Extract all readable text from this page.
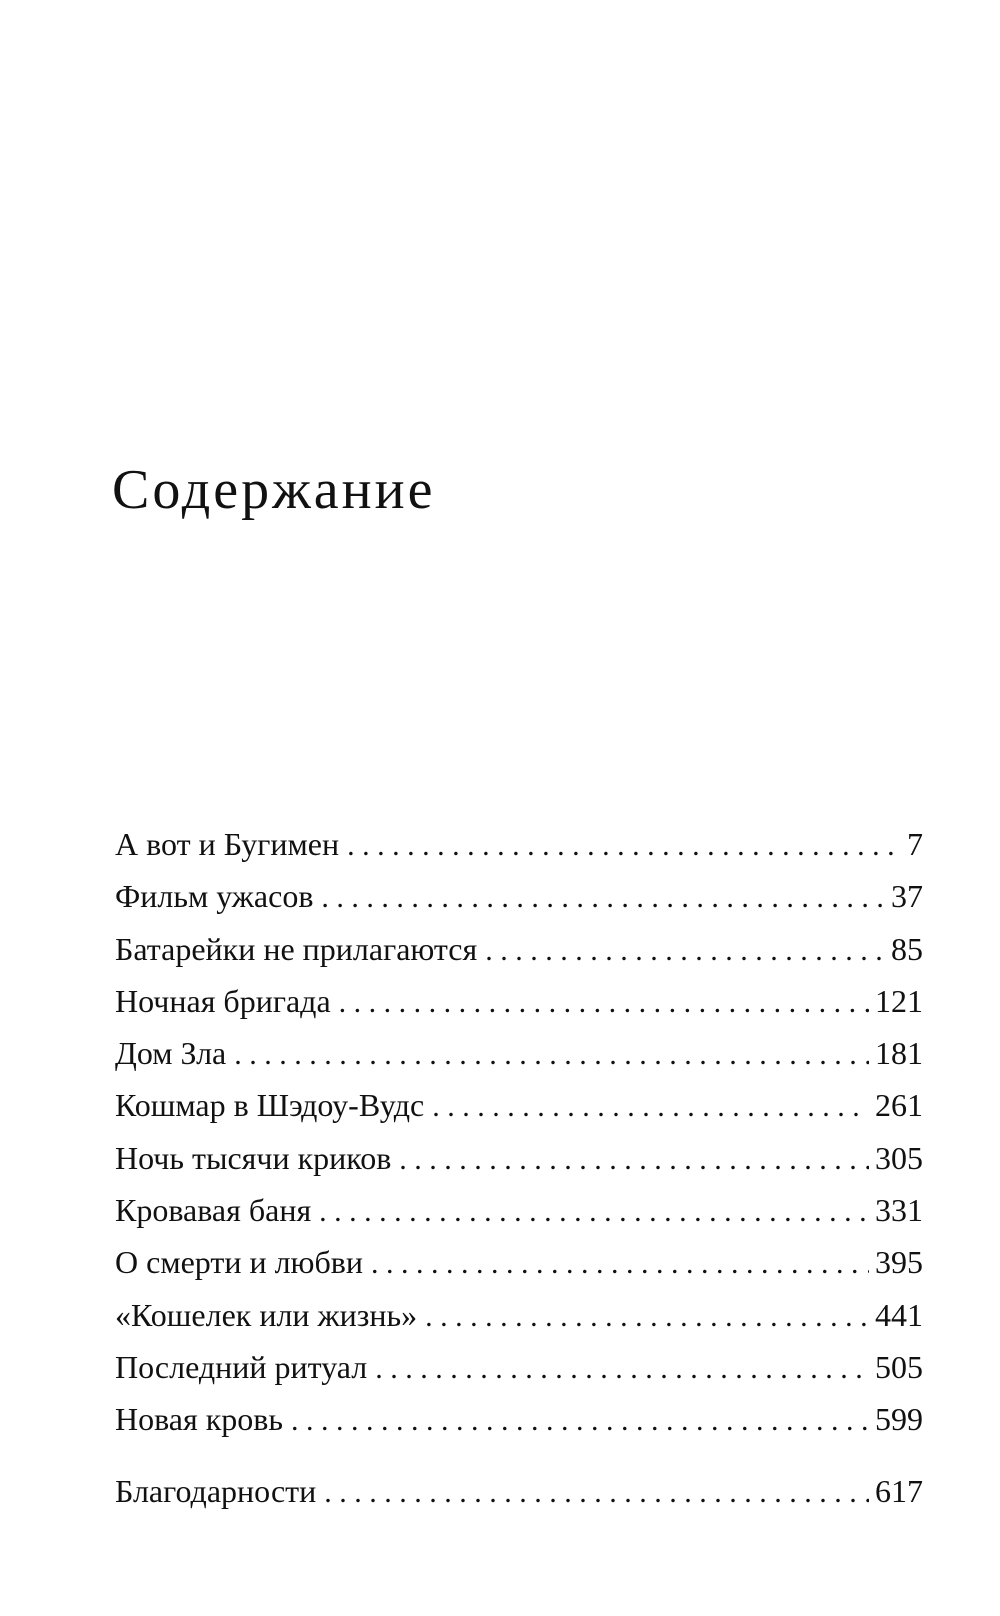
Содержание
А вот и Бугимен . . .	7
Фильм ужасов . . .	37
Батарейки не прилагаются . . .	85
Ночная бригада . . .	121
Дом Зла . . .	181
Кошмар в Шэдоу-Вудс . . .	261
Ночь тысячи криков . . .	305
Кровавая баня . . .	331
О смерти и любви . . .	395
«Кошелек или жизнь» . . .	441
Последний ритуал . . .	505
Новая кровь . . .	599
Благодарности . . .	617
